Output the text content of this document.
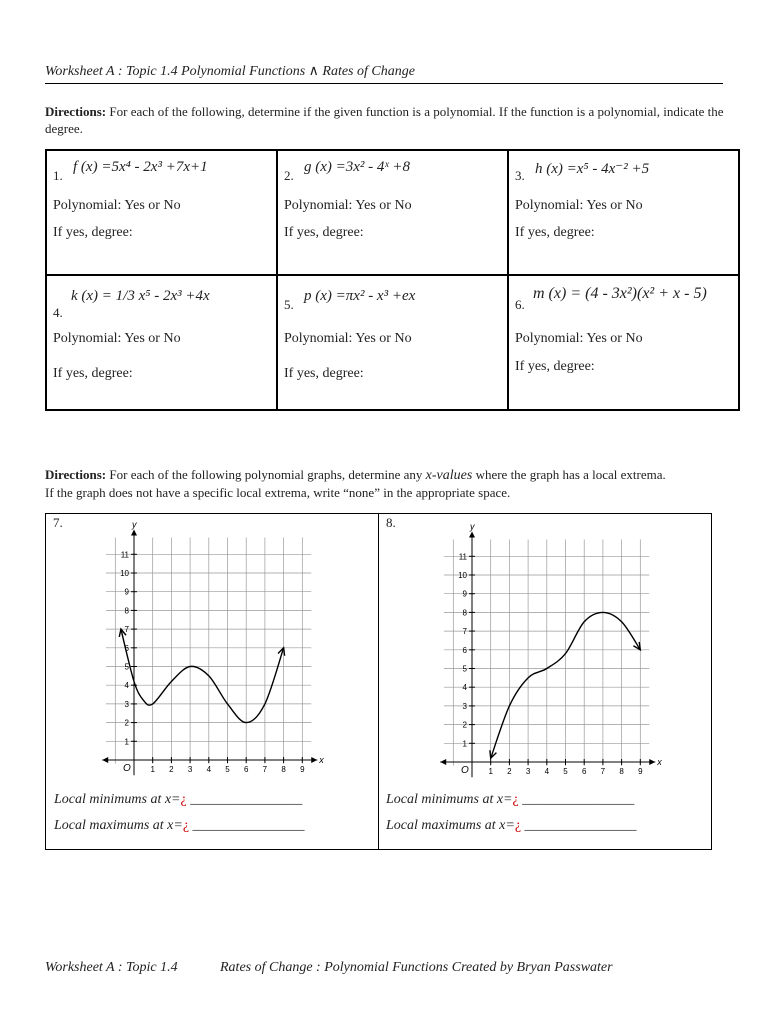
Worksheet A : Topic 1.4 Polynomial Functions ∧ Rates of Change
Directions: For each of the following, determine if the given function is a polynomial. If the function is a polynomial, indicate the degree.
1.
f (x) =5x⁴ - 2x³ +7x+1
Polynomial: Yes or No
If yes, degree:	2.
g (x) =3x² - 4ˣ +8
Polynomial: Yes or No
If yes, degree:	3. h (x) =x⁵ - 4x⁻² +5
Polynomial: Yes or No
If yes, degree:

4.
k (x) = 1/3 x⁵ - 2x³ +4x
Polynomial: Yes or No
If yes, degree:	5.
p (x) =πx² - x³ +ex
Polynomial: Yes or No
If yes, degree:	6.
m (x) = (4 - 3x²)(x² + x - 5)
Polynomial: Yes or No
If yes, degree:
Directions: For each of the following polynomial graphs, determine any x-values where the graph has a local extrema.
If the graph does not have a specific local extrema, write “none” in the appropriate space.
7.
x
y
O 1 2 3 4 5 6 7 8 9
1
2
3
4
5
6
7
8
9
10
11
Local minimums at x=¿ ________________
Local maximums at x=¿ ________________
8.
x
y
O 1 2 3 4 5 6 7 8 9
1
2
3
4
5
6
7
8
9
10
11
Local minimums at x=¿ ________________
Local maximums at x=¿ ________________
Worksheet A : Topic 1.4	Rates of Change : Polynomial Functions Created by Bryan Passwater
